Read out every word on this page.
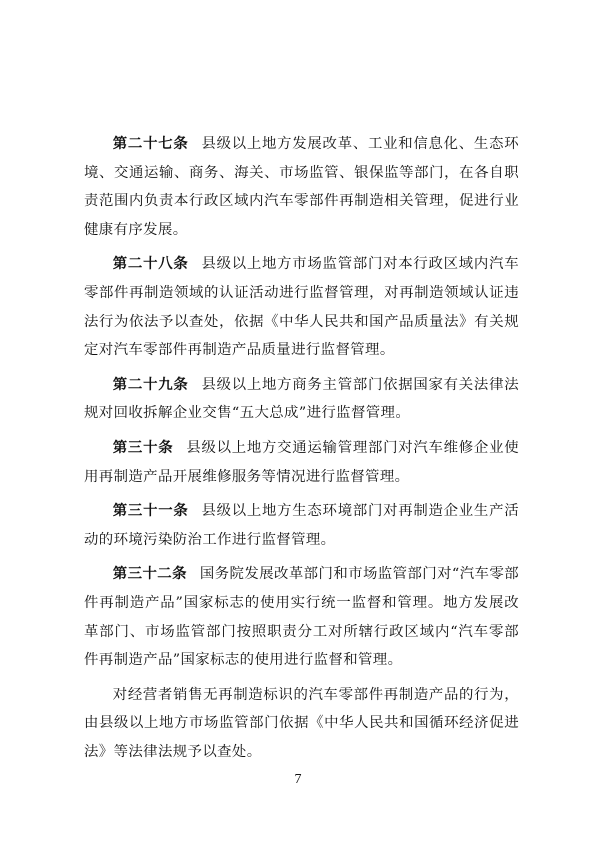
第二十七条 县级以上地方发展改革、工业和信息化、生态环境、交通运输、商务、海关、市场监管、银保监等部门，在各自职责范围内负责本行政区域内汽车零部件再制造相关管理，促进行业健康有序发展。

第二十八条 县级以上地方市场监管部门对本行政区域内汽车零部件再制造领域的认证活动进行监督管理，对再制造领域认证违法行为依法予以查处，依据《中华人民共和国产品质量法》有关规定对汽车零部件再制造产品质量进行监督管理。

第二十九条 县级以上地方商务主管部门依据国家有关法律法规对回收拆解企业交售“五大总成”进行监督管理。

第三十条 县级以上地方交通运输管理部门对汽车维修企业使用再制造产品开展维修服务等情况进行监督管理。

第三十一条 县级以上地方生态环境部门对再制造企业生产活动的环境污染防治工作进行监督管理。

第三十二条 国务院发展改革部门和市场监管部门对“汽车零部件再制造产品”国家标志的使用实行统一监督和管理。地方发展改革部门、市场监管部门按照职责分工对所辖行政区域内“汽车零部件再制造产品”国家标志的使用进行监督和管理。

对经营者销售无再制造标识的汽车零部件再制造产品的行为，由县级以上地方市场监管部门依据《中华人民共和国循环经济促进法》等法律法规予以查处。

7
